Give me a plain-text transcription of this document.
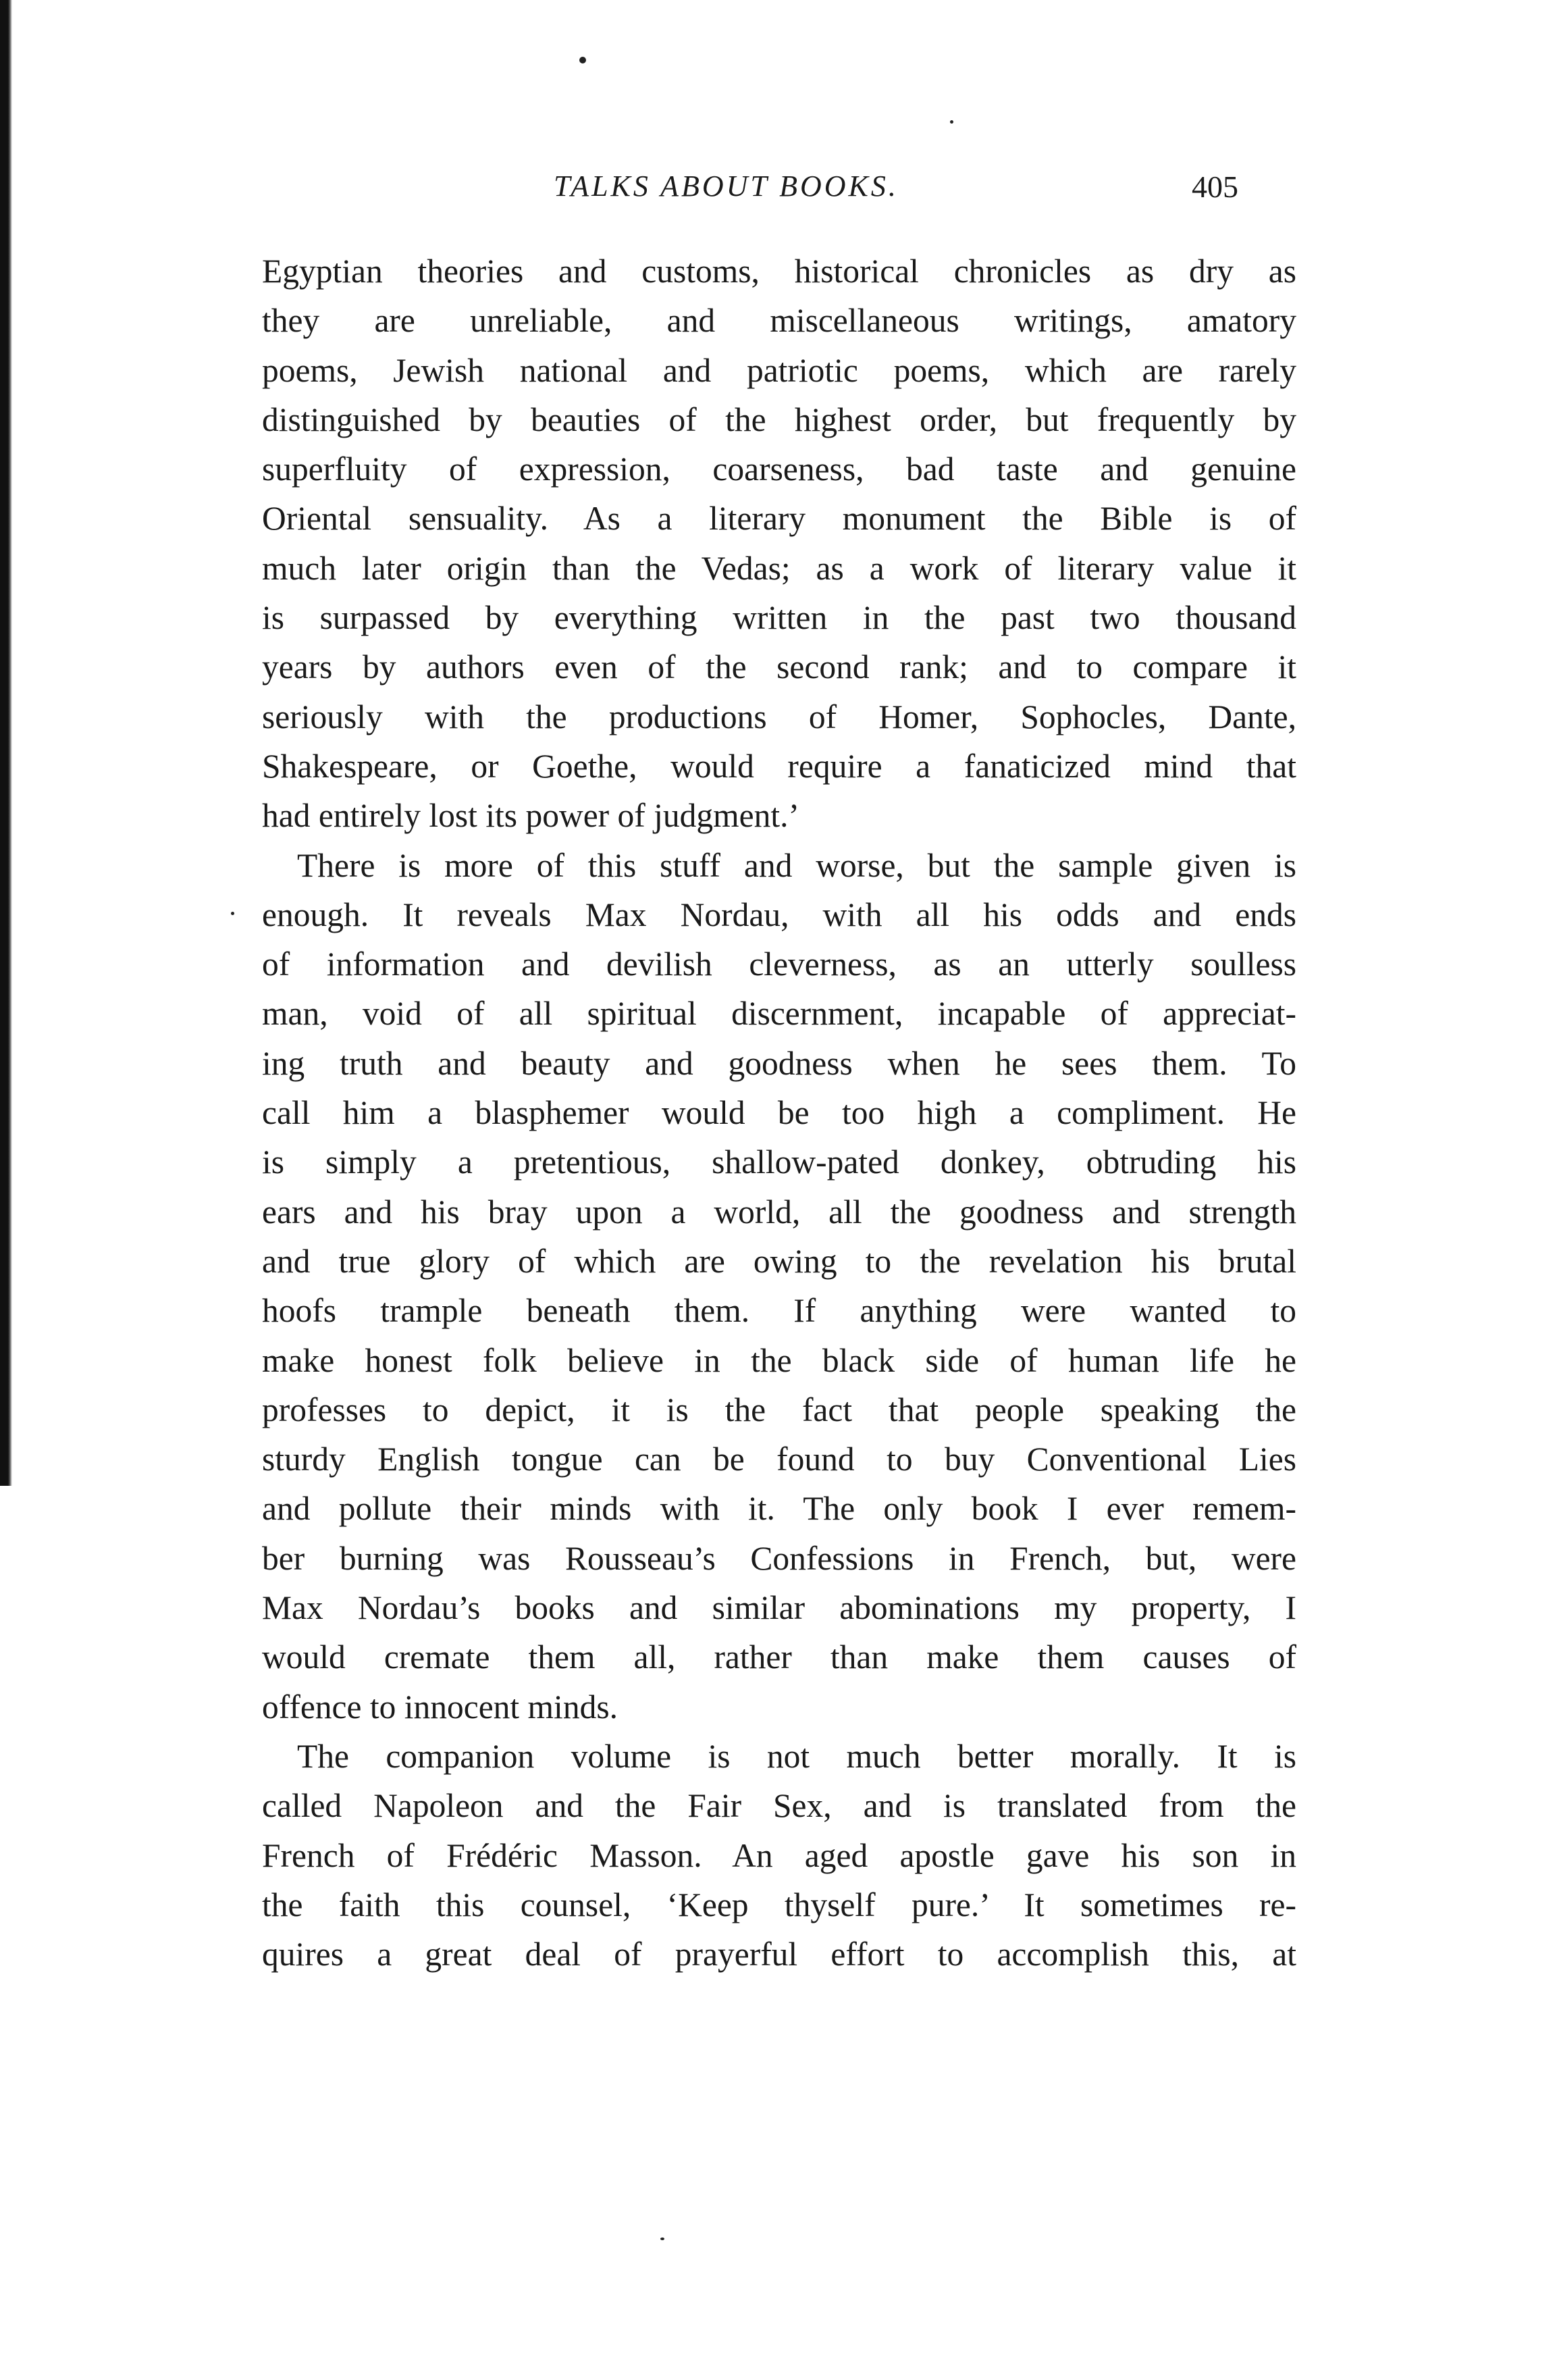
TALKS ABOUT BOOKS.	405
Egyptian theories and customs, historical chronicles as dry as
they are unreliable, and miscellaneous writings, amatory
poems, Jewish national and patriotic poems, which are rarely
distinguished by beauties of the highest order, but frequently by
superfluity of expression, coarseness, bad taste and genuine
Oriental sensuality. As a literary monument the Bible is of
much later origin than the Vedas; as a work of literary value it
is surpassed by everything written in the past two thousand
years by authors even of the second rank; and to compare it
seriously with the productions of Homer, Sophocles, Dante,
Shakespeare, or Goethe, would require a fanaticized mind that
had entirely lost its power of judgment.’
There is more of this stuff and worse, but the sample given is
enough. It reveals Max Nordau, with all his odds and ends
of information and devilish cleverness, as an utterly soulless
man, void of all spiritual discernment, incapable of appreciat-
ing truth and beauty and goodness when he sees them. To
call him a blasphemer would be too high a compliment. He
is simply a pretentious, shallow-pated donkey, obtruding his
ears and his bray upon a world, all the goodness and strength
and true glory of which are owing to the revelation his brutal
hoofs trample beneath them. If anything were wanted to
make honest folk believe in the black side of human life he
professes to depict, it is the fact that people speaking the
sturdy English tongue can be found to buy Conventional Lies
and pollute their minds with it. The only book I ever remem-
ber burning was Rousseau’s Confessions in French, but, were
Max Nordau’s books and similar abominations my property, I
would cremate them all, rather than make them causes of
offence to innocent minds.
The companion volume is not much better morally. It is
called Napoleon and the Fair Sex, and is translated from the
French of Frédéric Masson. An aged apostle gave his son in
the faith this counsel, ‘Keep thyself pure.’ It sometimes re-
quires a great deal of prayerful effort to accomplish this, at
